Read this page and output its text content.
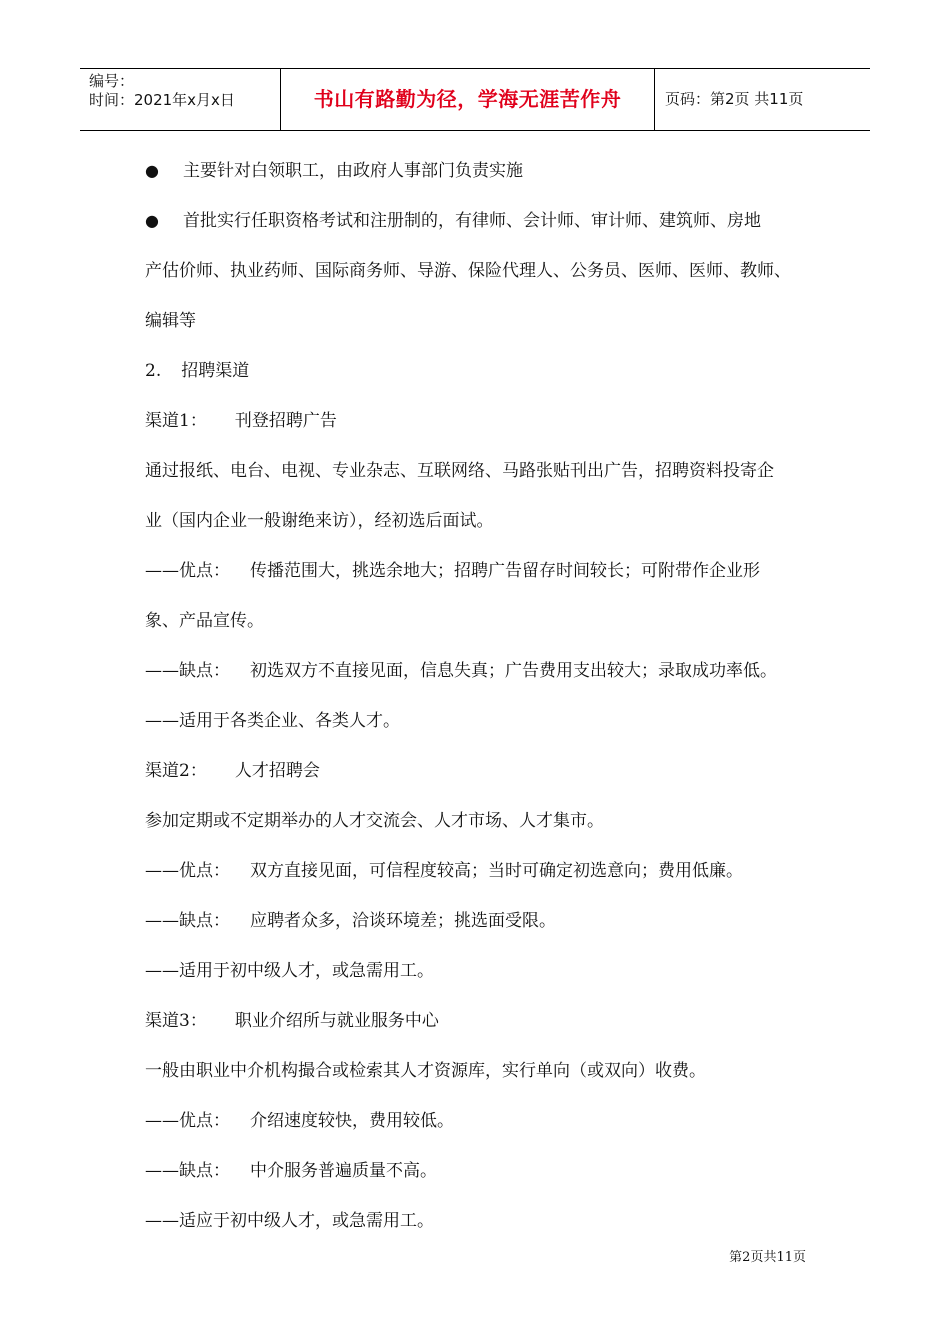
编号：
时间：2021年x月x日	书山有路勤为径，学海无涯苦作舟	页码：第2页 共11页

● 主要针对白领职工，由政府人事部门负责实施

● 首批实行任职资格考试和注册制的，有律师、会计师、审计师、建筑师、房地

产估价师、执业药师、国际商务师、导游、保险代理人、公务员、医师、医师、教师、

编辑等

2. 招聘渠道

渠道1： 刊登招聘广告

通过报纸、电台、电视、专业杂志、互联网络、马路张贴刊出广告，招聘资料投寄企

业（国内企业一般谢绝来访），经初选后面试。

——优点： 传播范围大，挑选余地大；招聘广告留存时间较长；可附带作企业形

象、产品宣传。

——缺点： 初选双方不直接见面，信息失真；广告费用支出较大；录取成功率低。

——适用于各类企业、各类人才。

渠道2： 人才招聘会

参加定期或不定期举办的人才交流会、人才市场、人才集市。

——优点： 双方直接见面，可信程度较高；当时可确定初选意向；费用低廉。

——缺点： 应聘者众多，洽谈环境差；挑选面受限。

——适用于初中级人才，或急需用工。

渠道3： 职业介绍所与就业服务中心

一般由职业中介机构撮合或检索其人才资源库，实行单向（或双向）收费。

——优点： 介绍速度较快，费用较低。

——缺点： 中介服务普遍质量不高。

——适应于初中级人才，或急需用工。

第2页共11页
